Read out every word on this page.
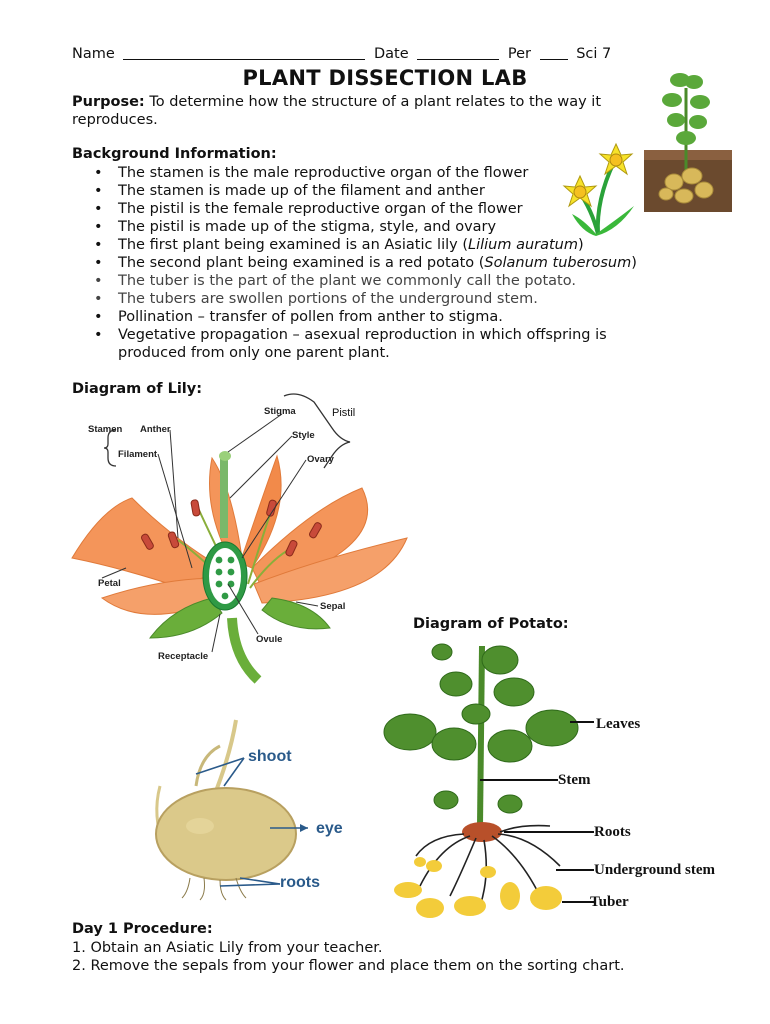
Name	Date	Per	Sci 7
PLANT DISSECTION LAB
Purpose: To determine how the structure of a plant relates to the way it reproduces.
Background Information:
• The stamen is the male reproductive organ of the flower
• The stamen is made up of the filament and anther
• The pistil is the female reproductive organ of the flower
• The pistil is made up of the stigma, style, and ovary
• The first plant being examined is an Asiatic lily (Lilium auratum)
• The second plant being examined is a red potato (Solanum tuberosum)
• The tuber is the part of the plant we commonly call the potato.
• The tubers are swollen portions of the underground stem.
• Pollination – transfer of pollen from anther to stigma.
• Vegetative propagation – asexual reproduction in which offspring is produced from only one parent plant.
Diagram of Lily:
Stamen Anther
Filament
Stigma
Style
Ovary
Pistil
Petal
Sepal
Ovule
Receptacle
Diagram of Potato:
Leaves
Stem
Roots
Underground stem
Tuber
shoot
eye
roots
Day 1 Procedure:
1. Obtain an Asiatic Lily from your teacher.
2. Remove the sepals from your flower and place them on the sorting chart.
